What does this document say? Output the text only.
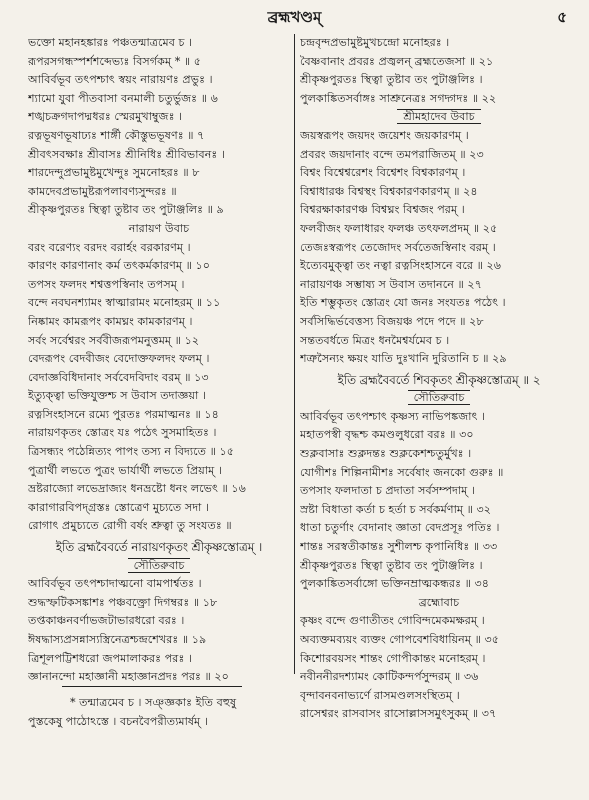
ব্রহ্মখণ্ডম্	৫
ভক্তো মহানহঙ্কারঃ পঞ্চতন্মাত্রমেব চ ।
রূপরসগন্ধস্পর্শশব্দেভ্যঃ বিসর্গকম্ * ॥ ৫
আবির্বভূব তৎপশ্চাৎ স্বয়ং নারায়ণঃ প্রভুঃ ।
শ্যামো যুবা পীতবাসা বনমালী চতুর্ভুজঃ ॥ ৬
শঙ্খচক্রগদাপদ্মধরঃ স্মেরমুখাম্বুজঃ ।
রত্নভূষণভূষাঢ্যঃ শার্ঙ্গী কৌস্তুভভূষণঃ ॥ ৭
শ্রীবৎসবক্ষাঃ শ্রীবাসঃ শ্রীনিধিঃ শ্রীবিভাবনঃ ।
শারদেন্দুপ্রভামুষ্টমুখেন্দুঃ সুমনোহরঃ ॥ ৮
কামদেবপ্রভামুষ্টরূপলাবণ্যসুন্দরঃ ॥
শ্রীকৃষ্ণপুরতঃ স্থিত্বা তুষ্টাব তং পুটাঞ্জলিঃ ॥ ৯
নারায়ণ উবাচ
বরং বরেণ্যং বরদং বরার্হং বরকারণম্ ।
কারণং কারণানাং কর্ম তৎকর্মকারণম্ ॥ ১০
তপসং ফলদং শশ্বত্তপস্বিনাং তপসম্ ।
বন্দে নবঘনশ্যামং স্বাত্মারামং মনোহরম্ ॥ ১১
নিষ্কামং কামরূপং কামঘ্নং কামকারণম্ ।
সর্বং সর্বেশ্বরং সর্ববীজরূপমনুত্তমম্ ॥ ১২
বেদরূপং বেদবীজং বেদোক্তফলদং ফলম্ ।
বেদাজ্ঞবিধিদানাং সর্ববেদবিদাং বরম্ ॥ ১৩
ইত্যুক্ত্বা ভক্তিযুক্তশ্চ স উবাস তদাজ্ঞয়া ।
রত্নসিংহাসনে রম্যে পুরতঃ পরমাত্মনঃ ॥ ১৪
নারায়ণকৃতং স্তোত্রং যঃ পঠেৎ সুসমাহিতঃ ।
ত্রিসন্ধ্যং পঠেন্নিত্যং পাপং তস্য ন বিদ্যতে ॥ ১৫
পুত্রার্থী লভতে পুত্রং ভার্যার্থী লভতে প্রিয়াম্ ।
ভ্রষ্টরাজ্যো লভেদ্রাজ্যং ধনভ্রষ্টো ধনং লভেৎ ॥ ১৬
কারাগারবিপদ্গ্রস্তঃ স্তোত্রেণ মুচ্যতে সদা ।
রোগাৎ প্রমুচ্যতে রোগী বর্ষং শ্রুত্বা তু সংযতঃ ॥
ইতি ব্রহ্মবৈবর্তে নারায়ণকৃতং শ্রীকৃষ্ণস্তোত্রম্ ।
সৌতিরুবাচ
আবির্বভূব তৎপশ্চাদাত্মনো বামপার্শ্বতঃ ।
শুদ্ধস্ফটিকসঙ্কাশঃ পঞ্চবক্ত্রো দিগম্বরঃ ॥ ১৮
তপ্তকাঞ্চনবর্ণাভজটাভারধরো বরঃ ।
ঈষদ্ধাস্যপ্রসন্নাস্যস্ত্রিনেত্রশ্চন্দ্রশেখরঃ ॥ ১৯
ত্রিশূলপট্টিশধরো জপমালাকরঃ পরঃ ।
জ্ঞানানন্দো মহাজ্ঞানী মহাজ্ঞানপ্রদঃ পরঃ ॥ ২০
চন্দ্রবৃন্দপ্রভামুষ্টমুখচন্দ্রো মনোহরঃ ।
বৈষ্ণবানাং প্রবরঃ প্রজ্বলন্ ব্রহ্মতেজসা ॥ ২১
শ্রীকৃষ্ণপুরতঃ স্থিত্বা তুষ্টাব তং পুটাঞ্জলিঃ ।
পুলকাঙ্কিতসর্বাঙ্গঃ সাশ্রুনেত্রঃ সগদ্গদঃ ॥ ২২
শ্রীমহাদেব উবাচ
জয়স্বরূপং জয়দং জয়েশং জয়কারণম্ ।
প্রবরং জয়দানাং বন্দে তমপরাজিতম্ ॥ ২৩
বিশ্বং বিশ্বেশ্বরেশং বিশ্বেশং বিশ্বকারণম্ ।
বিশ্বাধারঞ্চ বিশ্বস্থং বিশ্বকারণকারণম্ ॥ ২৪
বিশ্বরক্ষাকারণঞ্চ বিশ্বঘ্নং বিশ্বজং পরম্ ।
ফলবীজং ফলাধারং ফলঞ্চ তৎফলপ্রদম্ ॥ ২৫
তেজঃস্বরূপং তেজোদং সর্বতেজস্বিনাং বরম্ ।
ইত্যেবমুক্ত্বা তং নত্বা রত্নসিংহাসনে বরে ॥ ২৬
নারায়ণঞ্চ সম্ভাষ্য স উবাস তদাননে ॥ ২৭
ইতি শম্ভুকৃতং স্তোত্রং যো জনঃ সংযতঃ পঠেৎ ।
সর্বসিদ্ধির্ভবেত্তস্য বিজয়ঞ্চ পদে পদে ॥ ২৮
সন্ততবর্ধতে মিত্রং ধনমৈশ্বর্যমেব চ ।
শত্রুসৈন্যং ক্ষয়ং যাতি দুঃখানি দুরিতানি চ ॥ ২৯
ইতি ব্রহ্মবৈবর্তে শিবকৃতং শ্রীকৃষ্ণস্তোত্রম্ ॥ ২
সৌতিরুবাচ
আবির্বভূব তৎপশ্চাৎ কৃষ্ণস্য নাভিপঙ্কজাৎ ।
মহাতপস্বী বৃদ্ধশ্চ কমণ্ডলুধরো বরঃ ॥ ৩০
শুক্লবাসাঃ শুক্লদন্তঃ শুক্লকেশশ্চতুর্মুখঃ ।
যোগীশঃ শিল্পিনামীশঃ সর্বেষাং জনকো গুরুঃ ॥
তপসাং ফলদাতা চ প্রদাতা সর্বসম্পদাম্ ।
স্রষ্টা বিধাতা কর্তা চ হর্তা চ সর্বকর্মণাম্ ॥ ৩২
ধাতা চতুর্ণাং বেদানাং জ্ঞাতা বেদপ্রসূঃ পতিঃ ।
শান্তঃ সরস্বতীকান্তঃ সুশীলশ্চ কৃপানিধিঃ ॥ ৩৩
শ্রীকৃষ্ণপুরতঃ স্থিত্বা তুষ্টাব তং পুটাঞ্জলিঃ ।
পুলকাঙ্কিতসর্বাঙ্গো ভক্তিনম্রাত্মকন্ধরঃ ॥ ৩৪
ব্রহ্মোবাচ
কৃষ্ণং বন্দে গুণাতীতং গোবিন্দমেকমক্ষরম্ ।
অব্যক্তমব্যয়ং ব্যক্তং গোপবেশবিধায়িনম্ ॥ ৩৫
কিশোরবয়সং শান্তং গোপীকান্তং মনোহরম্ ।
নবীননীরদশ্যামং কোটিকন্দর্পসুন্দরম্ ॥ ৩৬
বৃন্দাবনবনাভ্যর্ণে রাসমণ্ডলসংস্থিতম্ ।
রাসেশ্বরং রাসবাসং রাসোল্লাসসমুৎসুকম্ ॥ ৩৭
* তন্মাত্রমেব চ । সঞ্জ্ঞকাঃ ইতি বহুষু
পুস্তকেষু পাঠোঽস্তে । বচনবৈপরীত্যমার্ষম্ ।
